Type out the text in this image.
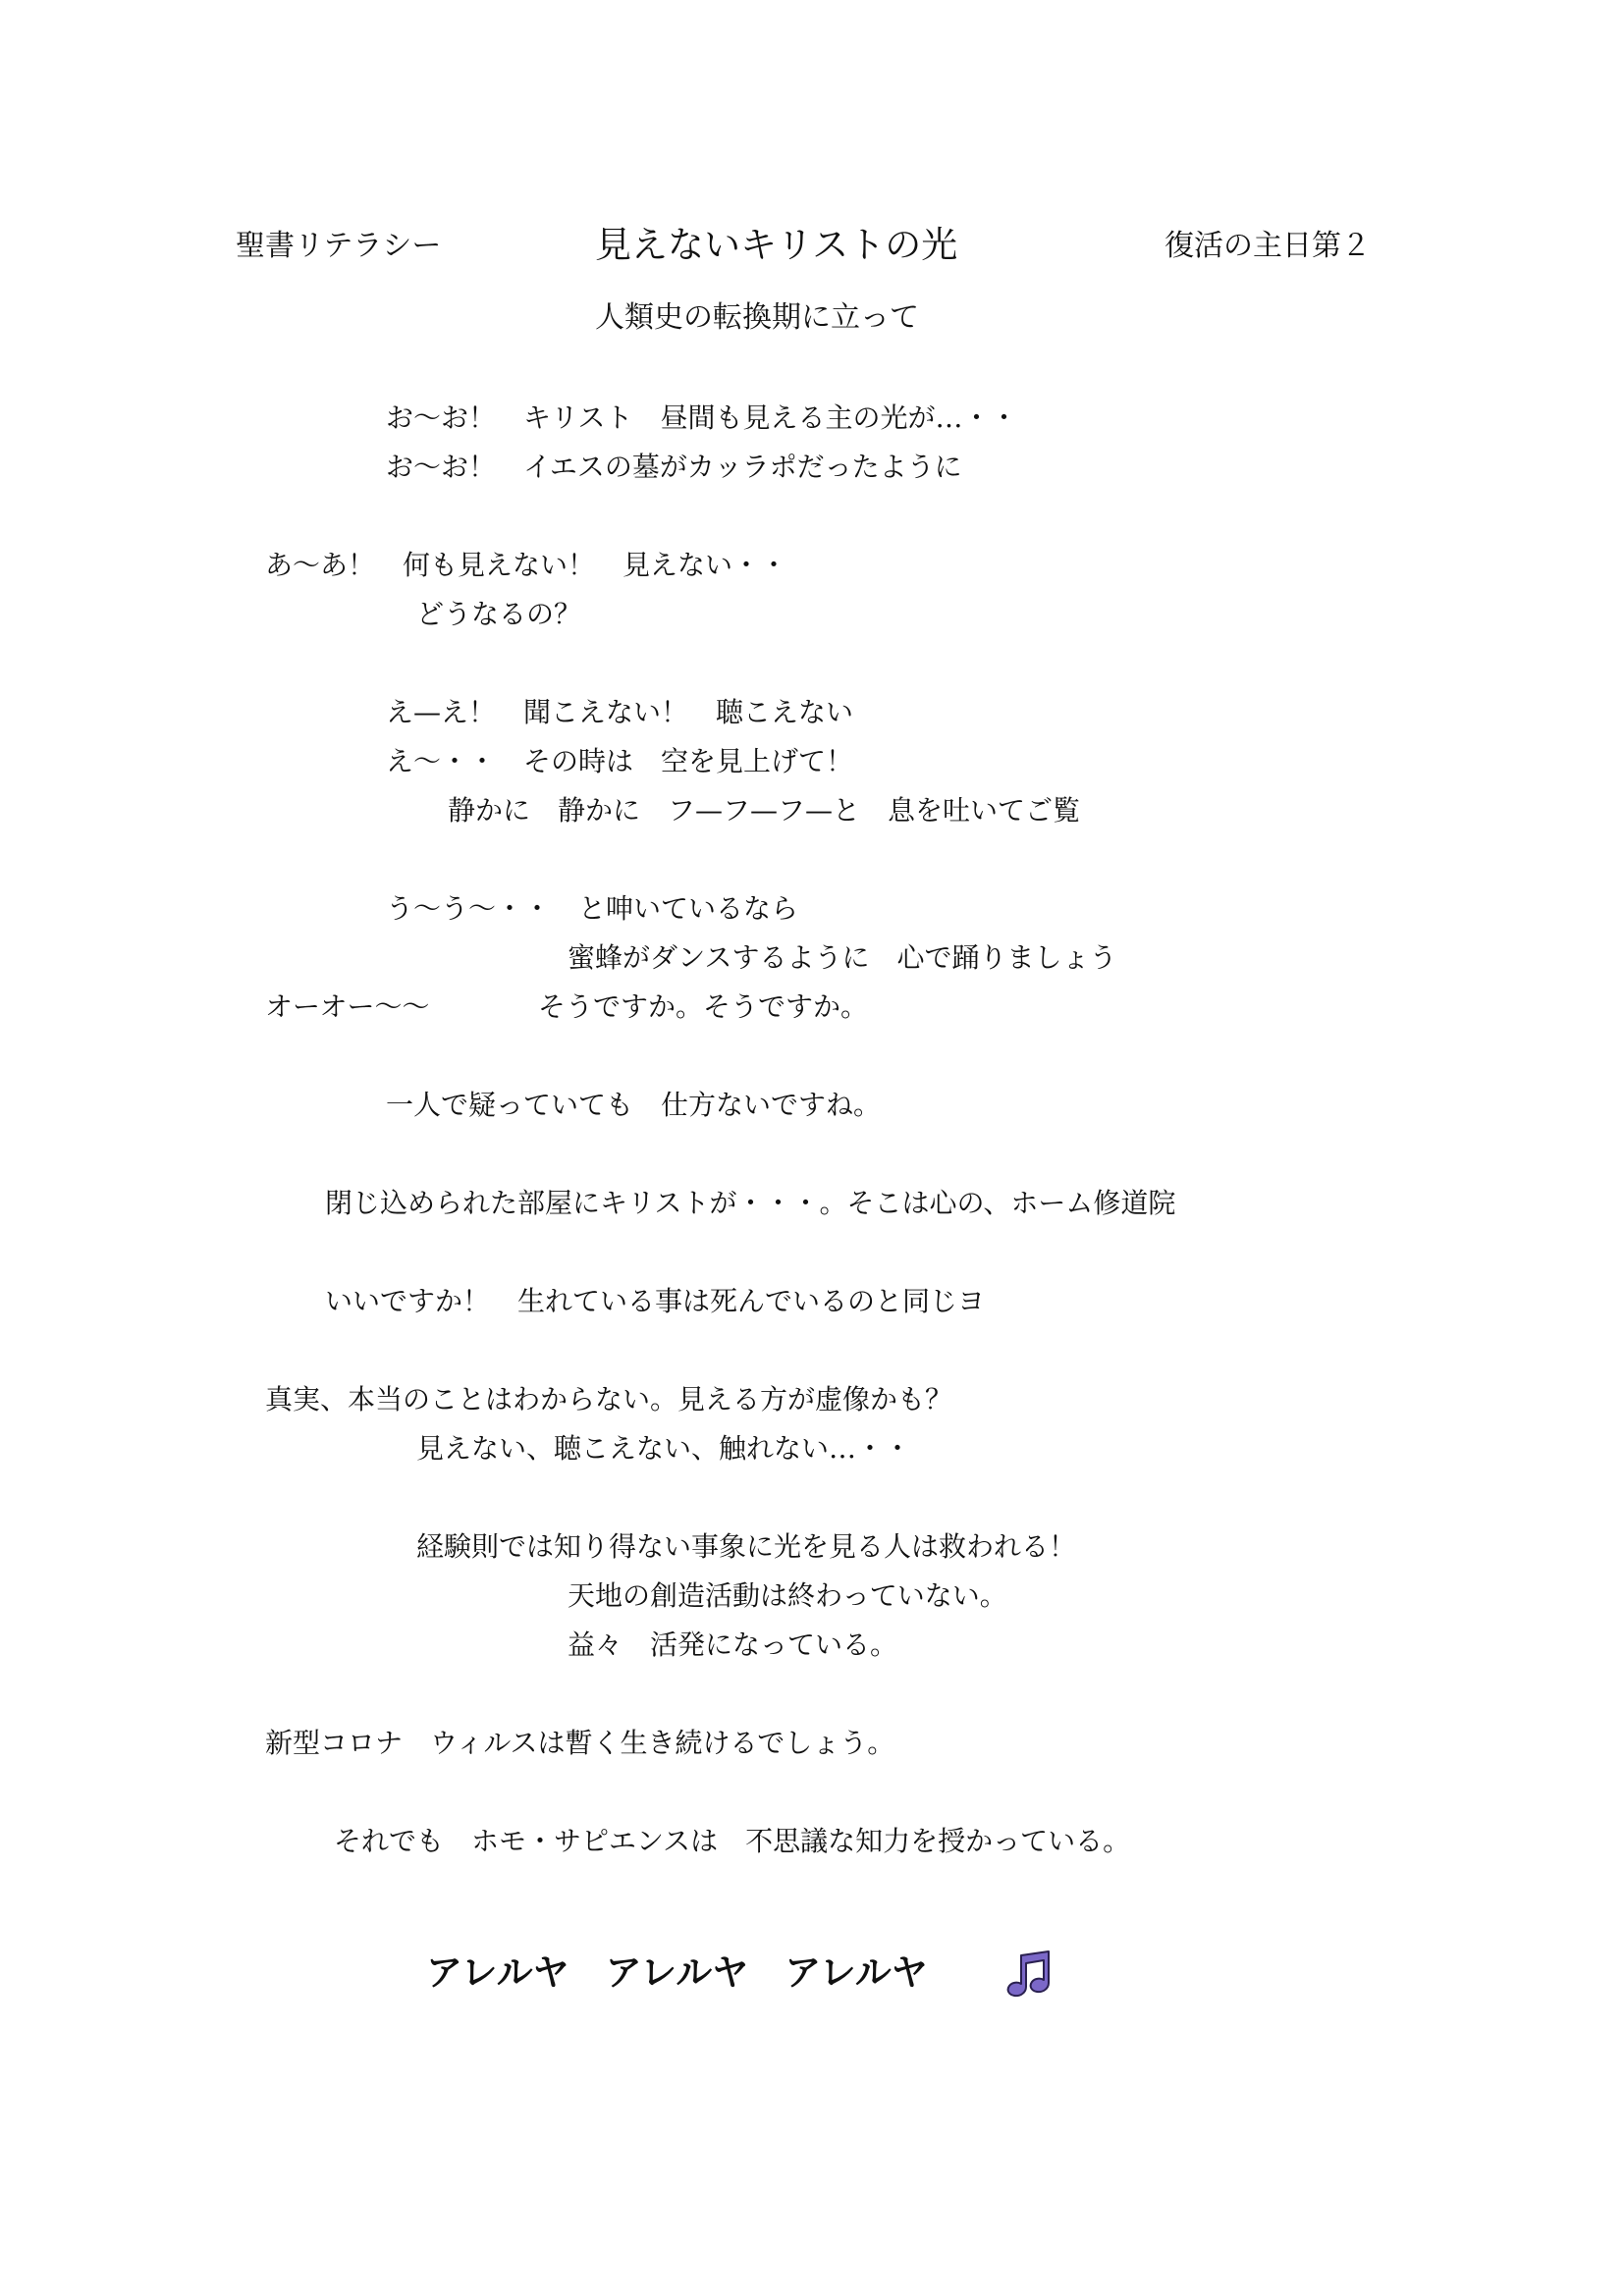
聖書リテラシー	見えないキリストの光	復活の主日第２
人類史の転換期に立って
お～お！　キリスト　昼間も見える主の光が…・・
お～お！　イエスの墓がカッラポだったように
あ～あ！　何も見えない！　見えない・・
どうなるの？
え—え！　聞こえない！　聴こえない
え～・・　その時は　空を見上げて！
静かに　静かに　フ—フ—フ—と　息を吐いてご覧
う～う～・・　と呻いているなら
蜜蜂がダンスするように　心で踊りましょう
オーオー～～	そうですか。そうですか。
一人で疑っていても　仕方ないですね。
閉じ込められた部屋にキリストが・・・。そこは心の、ホーム修道院
いいですか！　生れている事は死んでいるのと同じヨ
真実、本当のことはわからない。見える方が虚像かも？
見えない、聴こえない、触れない…・・
経験則では知り得ない事象に光を見る人は救われる！
天地の創造活動は終わっていない。
益々　活発になっている。
新型コロナ　ウィルスは暫く生き続けるでしょう。
それでも　ホモ・サピエンスは　不思議な知力を授かっている。
アレルヤ　アレルヤ　アレルヤ
